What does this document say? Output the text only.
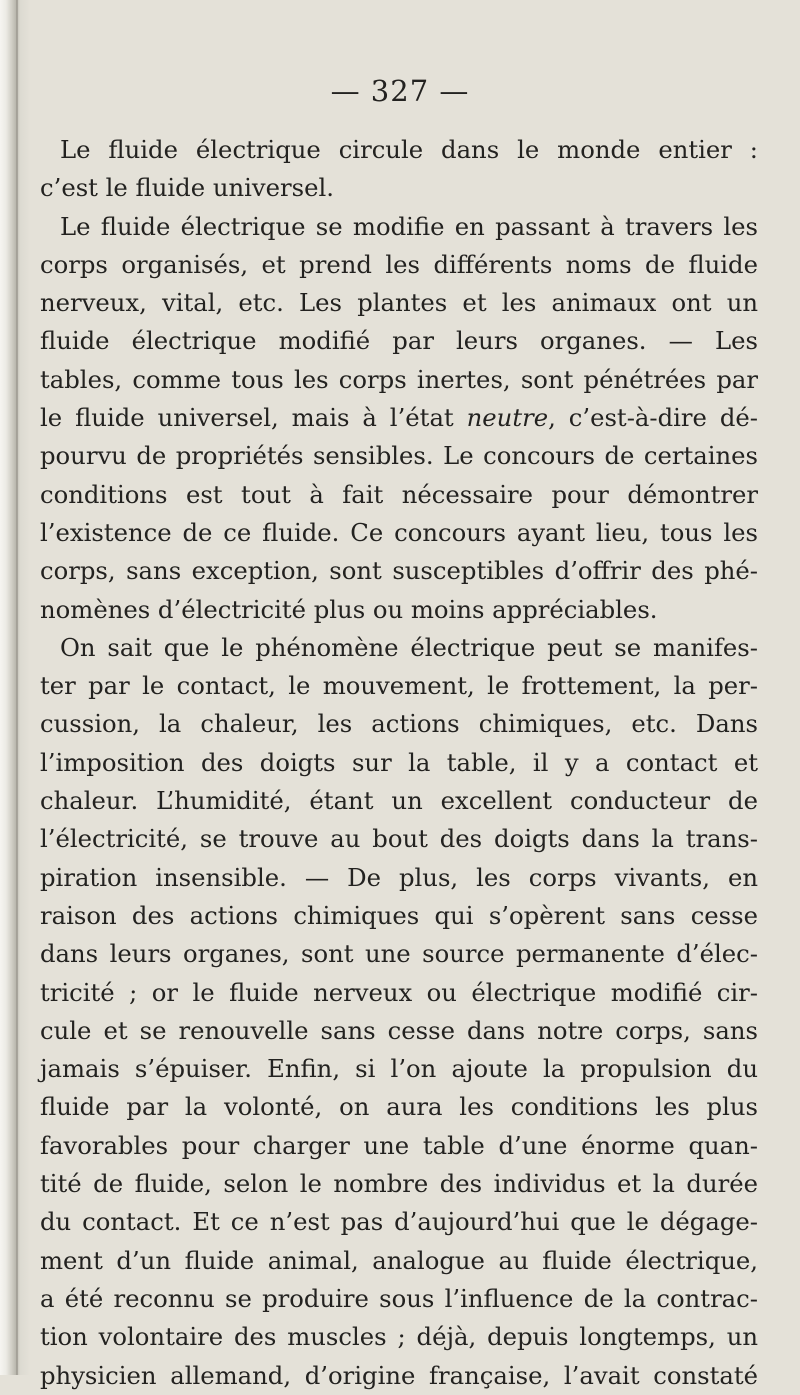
— 327 —
Le fluide électrique circule dans le monde entier :
c’est le fluide universel.
Le fluide électrique se modifie en passant à travers les
corps organisés, et prend les différents noms de fluide
nerveux, vital, etc. Les plantes et les animaux ont un
fluide électrique modifié par leurs organes. — Les
tables, comme tous les corps inertes, sont pénétrées par
le fluide universel, mais à l’état neutre, c’est-à-dire dé-
pourvu de propriétés sensibles. Le concours de certaines
conditions est tout à fait nécessaire pour démontrer
l’existence de ce fluide. Ce concours ayant lieu, tous les
corps, sans exception, sont susceptibles d’offrir des phé-
nomènes d’électricité plus ou moins appréciables.
On sait que le phénomène électrique peut se manifes-
ter par le contact, le mouvement, le frottement, la per-
cussion, la chaleur, les actions chimiques, etc. Dans
l’imposition des doigts sur la table, il y a contact et
chaleur. L’humidité, étant un excellent conducteur de
l’électricité, se trouve au bout des doigts dans la trans-
piration insensible. — De plus, les corps vivants, en
raison des actions chimiques qui s’opèrent sans cesse
dans leurs organes, sont une source permanente d’élec-
tricité ; or le fluide nerveux ou électrique modifié cir-
cule et se renouvelle sans cesse dans notre corps, sans
jamais s’épuiser. Enfin, si l’on ajoute la propulsion du
fluide par la volonté, on aura les conditions les plus
favorables pour charger une table d’une énorme quan-
tité de fluide, selon le nombre des individus et la durée
du contact. Et ce n’est pas d’aujourd’hui que le dégage-
ment d’un fluide animal, analogue au fluide électrique,
a été reconnu se produire sous l’influence de la contrac-
tion volontaire des muscles ; déjà, depuis longtemps, un
physicien allemand, d’origine française, l’avait constaté
